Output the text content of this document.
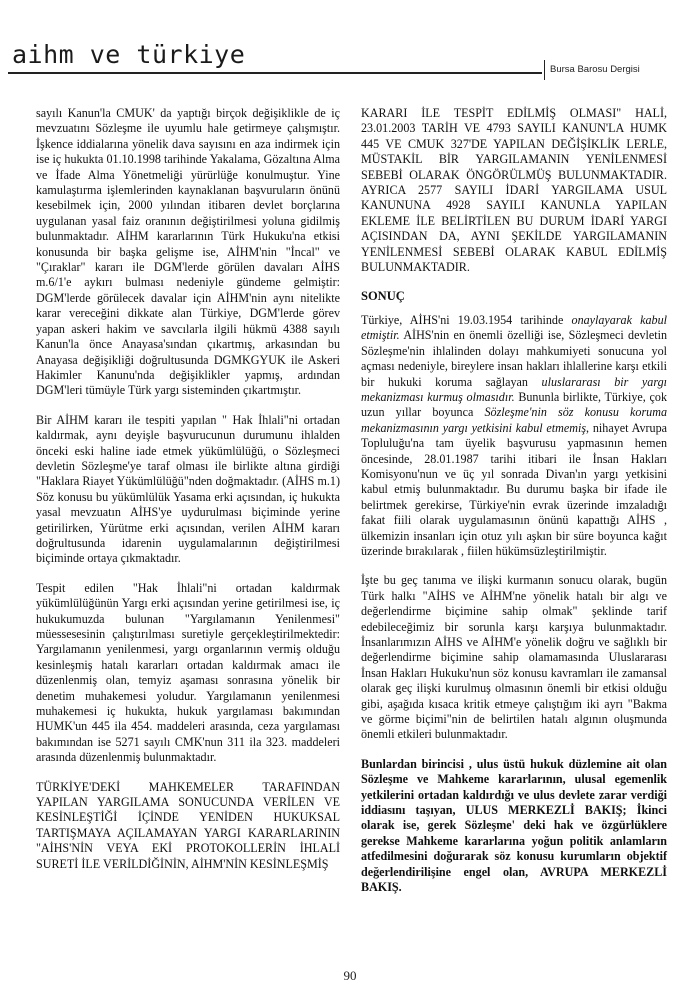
aihm ve türkiye
Bursa Barosu Dergisi

sayılı Kanun'la CMUK' da yaptığı birçok değişiklikle de iç mevzuatını Sözleşme ile uyumlu hale getirmeye çalışmıştır. İşkence iddialarına yönelik dava sayısını en aza indirmek için ise iç hukukta 01.10.1998 tarihinde Yakalama, Gözaltına Alma ve İfade Alma Yönetmeliği yürürlüğe konulmuştur. Yine kamulaştırma işlemlerinden kaynaklanan başvuruların önünü kesebilmek için, 2000 yılından itibaren devlet borçlarına uygulanan yasal faiz oranının değiştirilmesi yoluna gidilmiş bulunmaktadır. AİHM kararlarının Türk Hukuku'na etkisi konusunda bir başka gelişme ise, AİHM'nin "İncal" ve "Çıraklar" kararı ile DGM'lerde görülen davaları AİHS m.6/1'e aykırı bulması nedeniyle gündeme gelmiştir: DGM'lerde görülecek davalar için AİHM'nin aynı nitelikte karar vereceğini dikkate alan Türkiye, DGM'lerde görev yapan askeri hakim ve savcılarla ilgili hükmü 4388 sayılı Kanun'la önce Anayasa'sından çıkartmış, arkasından bu Anayasa değişikliği doğrultusunda DGMKGYUK ile Askeri Hakimler Kanunu'nda değişiklikler yapmış, ardından DGM'leri tümüyle Türk yargı sisteminden çıkartmıştır.

Bir AİHM kararı ile tespiti yapılan " Hak İhlali"ni ortadan kaldırmak, aynı deyişle başvurucunun durumunu ihlalden önceki eski haline iade etmek yükümlülüğü, o Sözleşmeci devletin Sözleşme'ye taraf olması ile birlikte altına girdiği "Haklara Riayet Yükümlülüğü"nden doğmaktadır. (AİHS m.1) Söz konusu bu yükümlülük Yasama erki açısından, iç hukukta yasal mevzuatın AİHS'ye uydurulması biçiminde yerine getirilirken, Yürütme erki açısından, verilen AİHM kararı doğrultusunda idarenin uygulamalarının değiştirilmesi biçiminde ortaya çıkmaktadır.

Tespit edilen "Hak İhlali"ni ortadan kaldırmak yükümlülüğünün Yargı erki açısından yerine getirilmesi ise, iç hukukumuzda bulunan "Yargılamanın Yenilenmesi" müessesesinin çalıştırılması suretiyle gerçekleştirilmektedir: Yargılamanın yenilenmesi, yargı organlarının vermiş olduğu kesinleşmiş hatalı kararları ortadan kaldırmak amacı ile düzenlenmiş olan, temyiz aşaması sonrasına yönelik bir denetim muhakemesi yoludur. Yargılamanın yenilenmesi muhakemesi iç hukukta, hukuk yargılaması bakımından HUMK'un 445 ila 454. maddeleri arasında, ceza yargılaması bakımından ise 5271 sayılı CMK'nun 311 ila 323. maddeleri arasında düzenlenmiş bulunmaktadır.

TÜRKİYE'DEKİ MAHKEMELER TARAFINDAN YAPILAN YARGILAMA SONUCUNDA VERİLEN VE KESİNLEŞTİĞİ İÇİNDE YENİDEN HUKUKSAL TARTIŞMAYA AÇILAMAYAN YARGI KARARLARININ "AİHS'NİN VEYA EKİ PROTOKOLLERİN İHLALİ SURETİ İLE VERİLDİĞİNİN, AİHM'NİN KESİNLEŞMİŞ

KARARI İLE TESPİT EDİLMİŞ OLMASI" HALİ, 23.01.2003 TARİH VE 4793 SAYILI KANUN'LA HUMK 445 VE CMUK 327'DE YAPILAN DEĞİŞİKLİK LERLE, MÜSTAKİL BİR YARGILAMANIN YENİLENMESİ SEBEBİ OLARAK ÖNGÖRÜLMÜŞ BULUNMAKTADIR. AYRICA 2577 SAYILI İDARİ YARGILAMA USUL KANUNUNA 4928 SAYILI KANUNLA YAPILAN EKLEME İLE BELİRTİLEN BU DURUM İDARİ YARGI AÇISINDAN DA, AYNI ŞEKİLDE YARGILAMANIN YENİLENMESİ SEBEBİ OLARAK KABUL EDİLMİŞ BULUNMAKTADIR.

SONUÇ

Türkiye, AİHS'ni 19.03.1954 tarihinde onaylayarak kabul etmiştir. AİHS'nin en önemli özelliği ise, Sözleşmeci devletin Sözleşme'nin ihlalinden dolayı mahkumiyeti sonucuna yol açması nedeniyle, bireylere insan hakları ihlallerine karşı etkili bir hukuki koruma sağlayan uluslararası bir yargı mekanizması kurmuş olmasıdır. Bununla birlikte, Türkiye, çok uzun yıllar boyunca Sözleşme'nin söz konusu koruma mekanizmasının yargı yetkisini kabul etmemiş, nihayet Avrupa Topluluğu'na tam üyelik başvurusu yapmasının hemen öncesinde, 28.01.1987 tarihi itibari ile İnsan Hakları Komisyonu'nun ve üç yıl sonrada Divan'ın yargı yetkisini kabul etmiş bulunmaktadır. Bu durumu başka bir ifade ile belirtmek gerekirse, Türkiye'nin evrak üzerinde imzaladığı fakat fiili olarak uygulamasının önünü kapattığı AİHS , ülkemizin insanları için otuz yılı aşkın bir süre boyunca kağıt üzerinde bırakılarak , fiilen hükümsüzleştirilmiştir.

İşte bu geç tanıma ve ilişki kurmanın sonucu olarak, bugün Türk halkı "AİHS ve AİHM'ne yönelik hatalı bir algı ve değerlendirme biçimine sahip olmak" şeklinde tarif edebileceğimiz bir sorunla karşı karşıya bulunmaktadır. İnsanlarımızın AİHS ve AİHM'e yönelik doğru ve sağlıklı bir değerlendirme biçimine sahip olamamasında Uluslararası İnsan Hakları Hukuku'nun söz konusu kavramları ile zamansal olarak geç ilişki kurulmuş olmasının önemli bir etkisi olduğu gibi, aşağıda kısaca kritik etmeye çalıştığım iki ayrı "Bakma ve görme biçimi"nin de belirtilen hatalı algının oluşmunda önemli etkileri bulunmaktadır.

Bunlardan birincisi , ulus üstü hukuk düzlemine ait olan Sözleşme ve Mahkeme kararlarının, ulusal egemenlik yetkilerini ortadan kaldırdığı ve ulus devlete zarar verdiği iddiasını taşıyan, ULUS MERKEZLİ BAKIŞ; İkinci olarak ise, gerek Sözleşme' deki hak ve özgürlüklere gerekse Mahkeme kararlarına yoğun politik anlamların atfedilmesini doğurarak söz konusu kurumların objektif değerlendirilişine engel olan, AVRUPA MERKEZLİ BAKIŞ.

90
